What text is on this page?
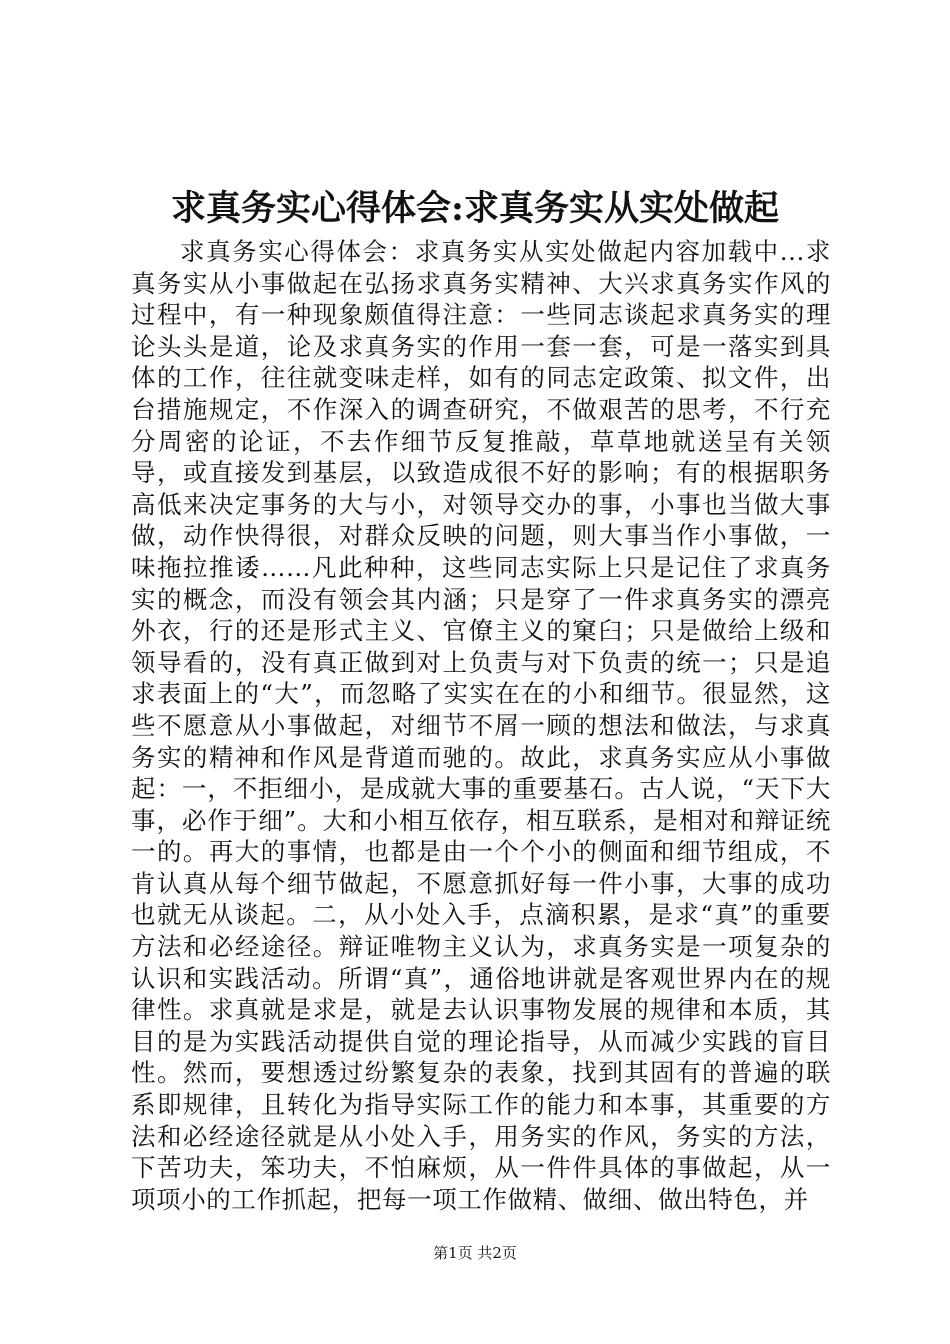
求真务实心得体会:求真务实从实处做起

求真务实心得体会：求真务实从实处做起内容加载中...求真务实从小事做起在弘扬求真务实精神、大兴求真务实作风的过程中，有一种现象颇值得注意：一些同志谈起求真务实的理论头头是道，论及求真务实的作用一套一套，可是一落实到具体的工作，往往就变味走样，如有的同志定政策、拟文件，出台措施规定，不作深入的调查研究，不做艰苦的思考，不行充分周密的论证，不去作细节反复推敲，草草地就送呈有关领导，或直接发到基层，以致造成很不好的影响；有的根据职务高低来决定事务的大与小，对领导交办的事，小事也当做大事做，动作快得很，对群众反映的问题，则大事当作小事做，一味拖拉推诿……凡此种种，这些同志实际上只是记住了求真务实的概念，而没有领会其内涵；只是穿了一件求真务实的漂亮外衣，行的还是形式主义、官僚主义的窠臼；只是做给上级和领导看的，没有真正做到对上负责与对下负责的统一；只是追求表面上的“大”，而忽略了实实在在的小和细节。很显然，这些不愿意从小事做起，对细节不屑一顾的想法和做法，与求真务实的精神和作风是背道而驰的。故此，求真务实应从小事做起：一，不拒细小，是成就大事的重要基石。古人说，“天下大事，必作于细”。大和小相互依存，相互联系，是相对和辩证统一的。再大的事情，也都是由一个个小的侧面和细节组成，不肯认真从每个细节做起，不愿意抓好每一件小事，大事的成功也就无从谈起。二，从小处入手，点滴积累，是求“真”的重要方法和必经途径。辩证唯物主义认为，求真务实是一项复杂的认识和实践活动。所谓“真”，通俗地讲就是客观世界内在的规律性。求真就是求是，就是去认识事物发展的规律和本质，其目的是为实践活动提供自觉的理论指导，从而减少实践的盲目性。然而，要想透过纷繁复杂的表象，找到其固有的普遍的联系即规律，且转化为指导实际工作的能力和本事，其重要的方法和必经途径就是从小处入手，用务实的作风，务实的方法，下苦功夫，笨功夫，不怕麻烦，从一件件具体的事做起，从一项项小的工作抓起，把每一项工作做精、做细、做出特色，并

第1页 共2页
